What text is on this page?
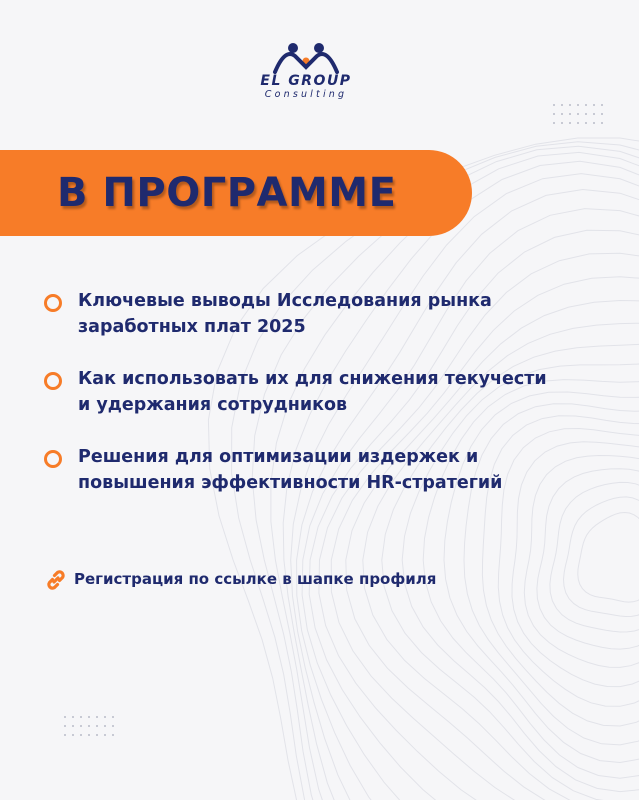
EL GROUP
Consulting
В ПРОГРАММЕ
Ключевые выводы Исследования рынка
заработных плат 2025
Как использовать их для снижения текучести
и удержания сотрудников
Решения для оптимизации издержек и
повышения эффективности HR-стратегий
Регистрация по ссылке в шапке профиля
